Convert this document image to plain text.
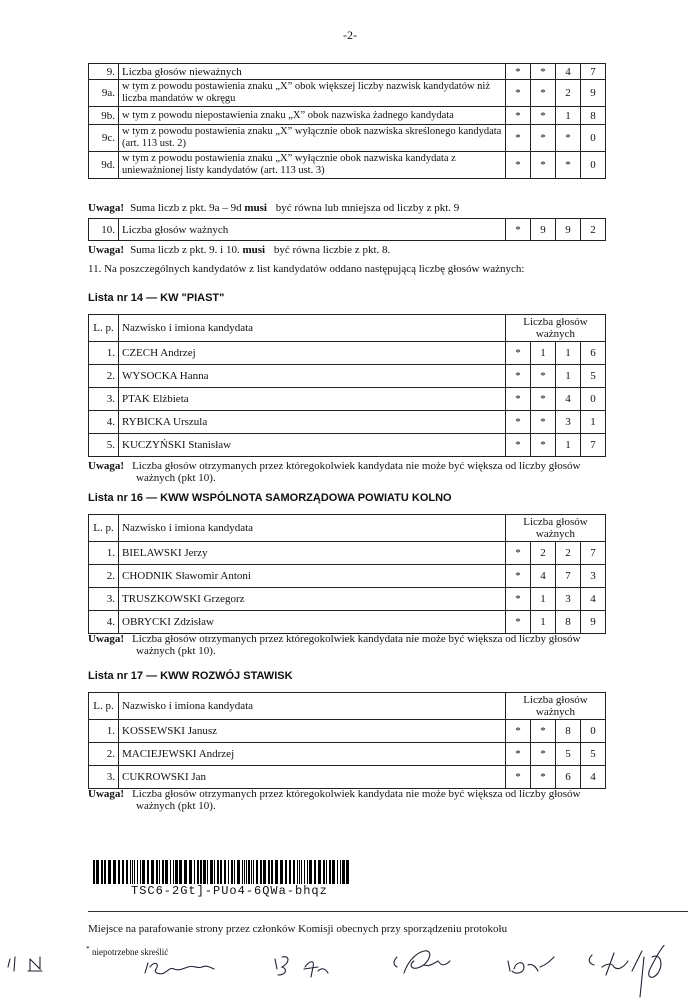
-2-
9.	Liczba głosów nieważnych	*	*	4	7
9a.	w tym z powodu postawienia znaku „X” obok większej liczby nazwisk kandydatów niż liczba mandatów w okręgu	*	*	2	9
9b.	w tym z powodu niepostawienia znaku „X” obok nazwiska żadnego kandydata	*	*	1	8
9c.	w tym z powodu postawienia znaku „X” wyłącznie obok nazwiska skreślonego kandydata (art. 113 ust. 2)	*	*	*	0
9d.	w tym z powodu postawienia znaku „X” wyłącznie obok nazwiska kandydata z unieważnionej listy kandydatów (art. 113 ust. 3)	*	*	*	0
Uwaga! Suma liczb z pkt. 9a – 9d musi być równa lub mniejsza od liczby z pkt. 9
10.	Liczba głosów ważnych	*	9	9	2
Uwaga! Suma liczb z pkt. 9. i 10. musi być równa liczbie z pkt. 8.
11. Na poszczególnych kandydatów z list kandydatów oddano następującą liczbę głosów ważnych:
Lista nr 14 — KW "PIAST"
L. p.	Nazwisko i imiona kandydata	Liczba głosów ważnych			
1.	CZECH Andrzej	*	1	1	6
2.	WYSOCKA Hanna	*	*	1	5
3.	PTAK Elżbieta	*	*	4	0
4.	RYBICKA Urszula	*	*	3	1
5.	KUCZYŃSKI Stanisław	*	*	1	7
Uwaga! Liczba głosów otrzymanych przez któregokolwiek kandydata nie może być większa od liczby głosów
ważnych (pkt 10).
Lista nr 16 — KWW WSPÓLNOTA SAMORZĄDOWA POWIATU KOLNO
L. p.	Nazwisko i imiona kandydata	Liczba głosów ważnych			
1.	BIELAWSKI Jerzy	*	2	2	7
2.	CHODNIK Sławomir Antoni	*	4	7	3
3.	TRUSZKOWSKI Grzegorz	*	1	3	4
4.	OBRYCKI Zdzisław	*	1	8	9
Uwaga! Liczba głosów otrzymanych przez któregokolwiek kandydata nie może być większa od liczby głosów
ważnych (pkt 10).
Lista nr 17 — KWW ROZWÓJ STAWISK
L. p.	Nazwisko i imiona kandydata	Liczba głosów ważnych			
1.	KOSSEWSKI Janusz	*	*	8	0
2.	MACIEJEWSKI Andrzej	*	*	5	5
3.	CUKROWSKI Jan	*	*	6	4
Uwaga! Liczba głosów otrzymanych przez któregokolwiek kandydata nie może być większa od liczby głosów
ważnych (pkt 10).
TSC6-2Gt]-PUo4-6QWa-bhqz
Miejsce na parafowanie strony przez członków Komisji obecnych przy sporządzeniu protokołu
* niepotrzebne skreślić
